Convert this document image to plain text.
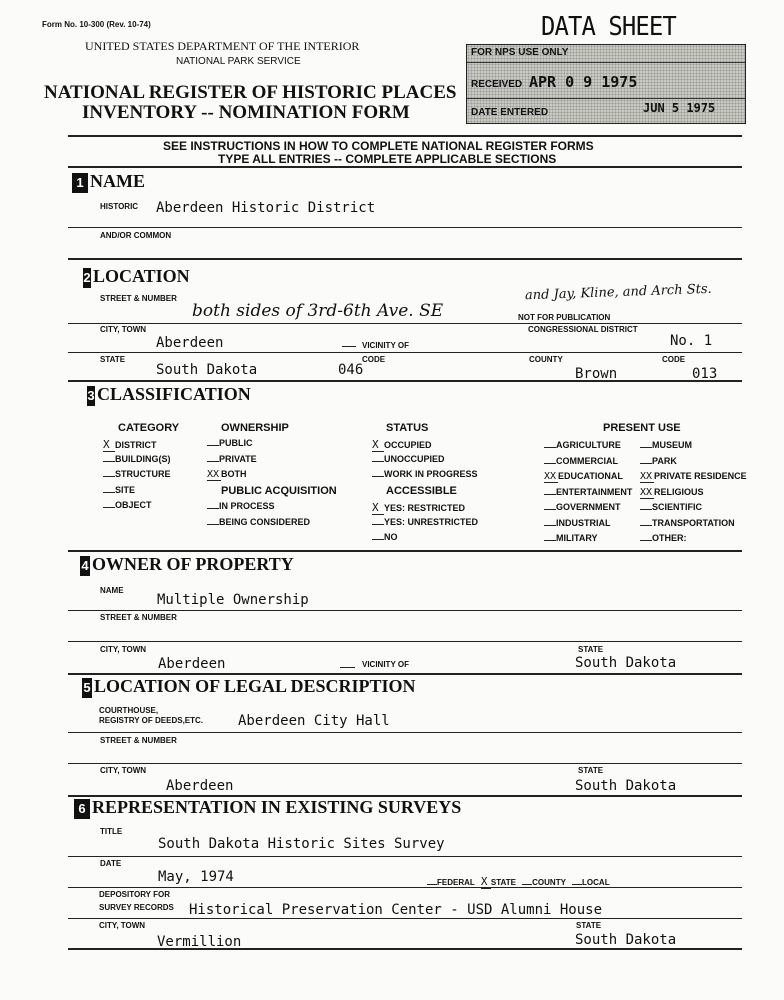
Form No. 10-300 (Rev. 10-74)
UNITED STATES DEPARTMENT OF THE INTERIOR
NATIONAL PARK SERVICE
NATIONAL REGISTER OF HISTORIC PLACES
INVENTORY -- NOMINATION FORM
DATA SHEET
FOR NPS USE ONLY
RECEIVED APR 0 9 1975
DATE ENTERED	JUN 5 1975
SEE INSTRUCTIONS IN HOW TO COMPLETE NATIONAL REGISTER FORMS
TYPE ALL ENTRIES -- COMPLETE APPLICABLE SECTIONS
1 NAME
HISTORIC Aberdeen Historic District
AND/OR COMMON
2 LOCATION
STREET & NUMBER
both sides of 3rd-6th Ave. SE
and Jay, Kline, and Arch Sts.
NOT FOR PUBLICATION
CITY, TOWN
Aberdeen	VICINITY OF
CONGRESSIONAL DISTRICT
No. 1
STATE	CODE	COUNTY	CODE
South Dakota	046	Brown	013
3 CLASSIFICATION
CATEGORY
X DISTRICT
BUILDING(S)
STRUCTURE
SITE
OBJECT
OWNERSHIP
PUBLIC
PRIVATE
XX BOTH
PUBLIC ACQUISITION
IN PROCESS
BEING CONSIDERED
STATUS
X OCCUPIED
UNOCCUPIED
WORK IN PROGRESS
ACCESSIBLE
X YES: RESTRICTED
YES: UNRESTRICTED
NO
PRESENT USE
AGRICULTURE
COMMERCIAL
XX EDUCATIONAL
ENTERTAINMENT
GOVERNMENT
INDUSTRIAL
MILITARY
MUSEUM
PARK
XX PRIVATE RESIDENCE
XX RELIGIOUS
SCIENTIFIC
TRANSPORTATION
OTHER:
4 OWNER OF PROPERTY
NAME
Multiple Ownership
STREET & NUMBER
CITY, TOWN
Aberdeen	VICINITY OF
STATE
South Dakota
5 LOCATION OF LEGAL DESCRIPTION
COURTHOUSE,
REGISTRY OF DEEDS,ETC. Aberdeen City Hall
STREET & NUMBER
CITY, TOWN
Aberdeen
STATE
South Dakota
6 REPRESENTATION IN EXISTING SURVEYS
TITLE
South Dakota Historic Sites Survey
DATE
May, 1974	FEDERAL X STATE COUNTY LOCAL
DEPOSITORY FOR
SURVEY RECORDS Historical Preservation Center - USD Alumni House
CITY, TOWN
Vermillion
STATE
South Dakota
